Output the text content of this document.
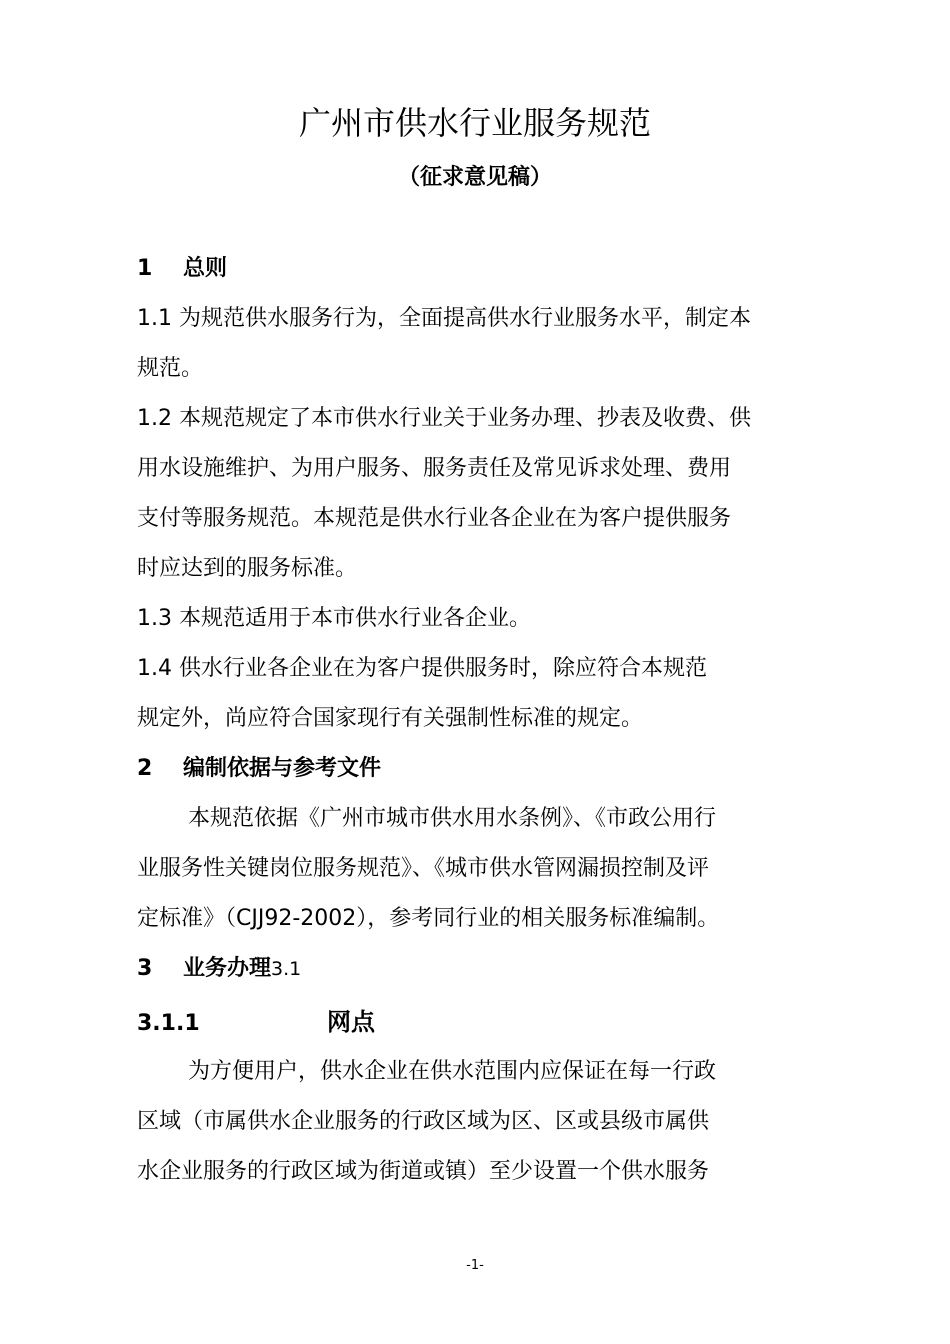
广州市供水行业服务规范
（征求意见稿）
1 总则
1.1 为规范供水服务行为，全面提高供水行业服务水平，制定本
规范。
1.2 本规范规定了本市供水行业关于业务办理、抄表及收费、供
用水设施维护、为用户服务、服务责任及常见诉求处理、费用
支付等服务规范。本规范是供水行业各企业在为客户提供服务
时应达到的服务标准。
1.3 本规范适用于本市供水行业各企业。
1.4 供水行业各企业在为客户提供服务时，除应符合本规范
规定外，尚应符合国家现行有关强制性标准的规定。
2 编制依据与参考文件
本规范依据《广州市城市供水用水条例》、《市政公用行
业服务性关键岗位服务规范》、《城市供水管网漏损控制及评
定标准》（CJJ92-2002），参考同行业的相关服务标准编制。
3 业务办理3.1
3.1.1	网点
为方便用户，供水企业在供水范围内应保证在每一行政
区域（市属供水企业服务的行政区域为区、区或县级市属供
水企业服务的行政区域为街道或镇）至少设置一个供水服务
-1-
